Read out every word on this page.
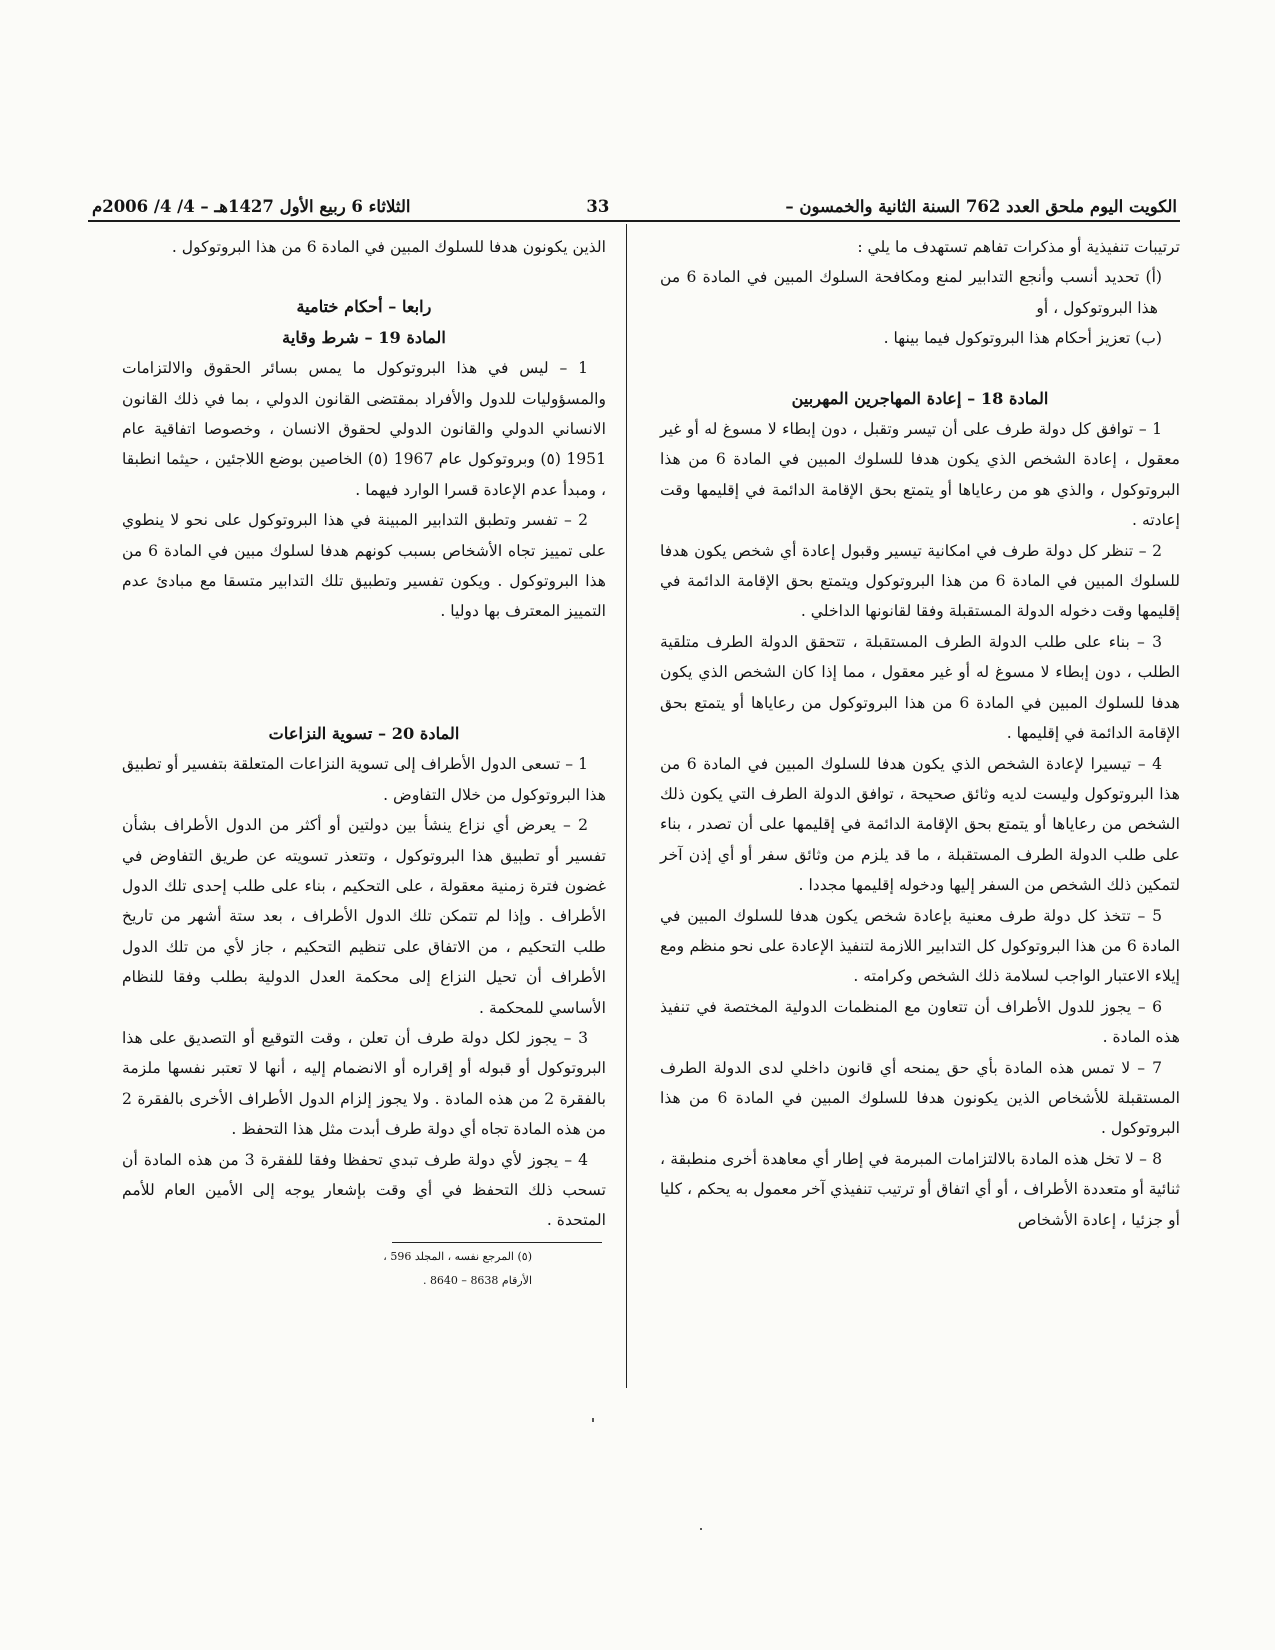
الكويت اليوم ملحق العدد 762 السنة الثانية والخمسون –
33
الثلاثاء 6 ربيع الأول 1427هـ – 4/ 4/ 2006م

ترتيبات تنفيذية أو مذكرات تفاهم تستهدف ما يلي :

(أ) تحديد أنسب وأنجع التدابير لمنع ومكافحة السلوك المبين في المادة 6 من هذا البروتوكول ، أو

(ب) تعزيز أحكام هذا البروتوكول فيما بينها .

المادة 18 – إعادة المهاجرين المهربين

1 – توافق كل دولة طرف على أن تيسر وتقبل ، دون إبطاء لا مسوغ له أو غير معقول ، إعادة الشخص الذي يكون هدفا للسلوك المبين في المادة 6 من هذا البروتوكول ، والذي هو من رعاياها أو يتمتع بحق الإقامة الدائمة في إقليمها وقت إعادته .

2 – تنظر كل دولة طرف في امكانية تيسير وقبول إعادة أي شخص يكون هدفا للسلوك المبين في المادة 6 من هذا البروتوكول ويتمتع بحق الإقامة الدائمة في إقليمها وقت دخوله الدولة المستقبلة وفقا لقانونها الداخلي .

3 – بناء على طلب الدولة الطرف المستقبلة ، تتحقق الدولة الطرف متلقية الطلب ، دون إبطاء لا مسوغ له أو غير معقول ، مما إذا كان الشخص الذي يكون هدفا للسلوك المبين في المادة 6 من هذا البروتوكول من رعاياها أو يتمتع بحق الإقامة الدائمة في إقليمها .

4 – تيسيرا لإعادة الشخص الذي يكون هدفا للسلوك المبين في المادة 6 من هذا البروتوكول وليست لديه وثائق صحيحة ، توافق الدولة الطرف التي يكون ذلك الشخص من رعاياها أو يتمتع بحق الإقامة الدائمة في إقليمها على أن تصدر ، بناء على طلب الدولة الطرف المستقبلة ، ما قد يلزم من وثائق سفر أو أي إذن آخر لتمكين ذلك الشخص من السفر إليها ودخوله إقليمها مجددا .

5 – تتخذ كل دولة طرف معنية بإعادة شخص يكون هدفا للسلوك المبين في المادة 6 من هذا البروتوكول كل التدابير اللازمة لتنفيذ الإعادة على نحو منظم ومع إيلاء الاعتبار الواجب لسلامة ذلك الشخص وكرامته .

6 – يجوز للدول الأطراف أن تتعاون مع المنظمات الدولية المختصة في تنفيذ هذه المادة .

7 – لا تمس هذه المادة بأي حق يمنحه أي قانون داخلي لدى الدولة الطرف المستقبلة للأشخاص الذين يكونون هدفا للسلوك المبين في المادة 6 من هذا البروتوكول .

8 – لا تخل هذه المادة بالالتزامات المبرمة في إطار أي معاهدة أخرى منطبقة ، ثنائية أو متعددة الأطراف ، أو أي اتفاق أو ترتيب تنفيذي آخر معمول به يحكم ، كليا أو جزئيا ، إعادة الأشخاص

الذين يكونون هدفا للسلوك المبين في المادة 6 من هذا البروتوكول .

رابعا – أحكام ختامية

المادة 19 – شرط وقاية

1 – ليس في هذا البروتوكول ما يمس بسائر الحقوق والالتزامات والمسؤوليات للدول والأفراد بمقتضى القانون الدولي ، بما في ذلك القانون الانساني الدولي والقانون الدولي لحقوق الانسان ، وخصوصا اتفاقية عام 1951 (٥) وبروتوكول عام 1967 (٥) الخاصين بوضع اللاجئين ، حيثما انطبقا ، ومبدأ عدم الإعادة قسرا الوارد فيهما .

2 – تفسر وتطبق التدابير المبينة في هذا البروتوكول على نحو لا ينطوي على تمييز تجاه الأشخاص بسبب كونهم هدفا لسلوك مبين في المادة 6 من هذا البروتوكول . ويكون تفسير وتطبيق تلك التدابير متسقا مع مبادئ عدم التمييز المعترف بها دوليا .

المادة 20 – تسوية النزاعات

1 – تسعى الدول الأطراف إلى تسوية النزاعات المتعلقة بتفسير أو تطبيق هذا البروتوكول من خلال التفاوض .

2 – يعرض أي نزاع ينشأ بين دولتين أو أكثر من الدول الأطراف بشأن تفسير أو تطبيق هذا البروتوكول ، وتتعذر تسويته عن طريق التفاوض في غضون فترة زمنية معقولة ، على التحكيم ، بناء على طلب إحدى تلك الدول الأطراف . وإذا لم تتمكن تلك الدول الأطراف ، بعد ستة أشهر من تاريخ طلب التحكيم ، من الاتفاق على تنظيم التحكيم ، جاز لأي من تلك الدول الأطراف أن تحيل النزاع إلى محكمة العدل الدولية بطلب وفقا للنظام الأساسي للمحكمة .

3 – يجوز لكل دولة طرف أن تعلن ، وقت التوقيع أو التصديق على هذا البروتوكول أو قبوله أو إقراره أو الانضمام إليه ، أنها لا تعتبر نفسها ملزمة بالفقرة 2 من هذه المادة . ولا يجوز إلزام الدول الأطراف الأخرى بالفقرة 2 من هذه المادة تجاه أي دولة طرف أبدت مثل هذا التحفظ .

4 – يجوز لأي دولة طرف تبدي تحفظا وفقا للفقرة 3 من هذه المادة أن تسحب ذلك التحفظ في أي وقت بإشعار يوجه إلى الأمين العام للأمم المتحدة .

(٥) المرجع نفسه ، المجلد 596 ،

الأرقام 8638 – 8640 .
